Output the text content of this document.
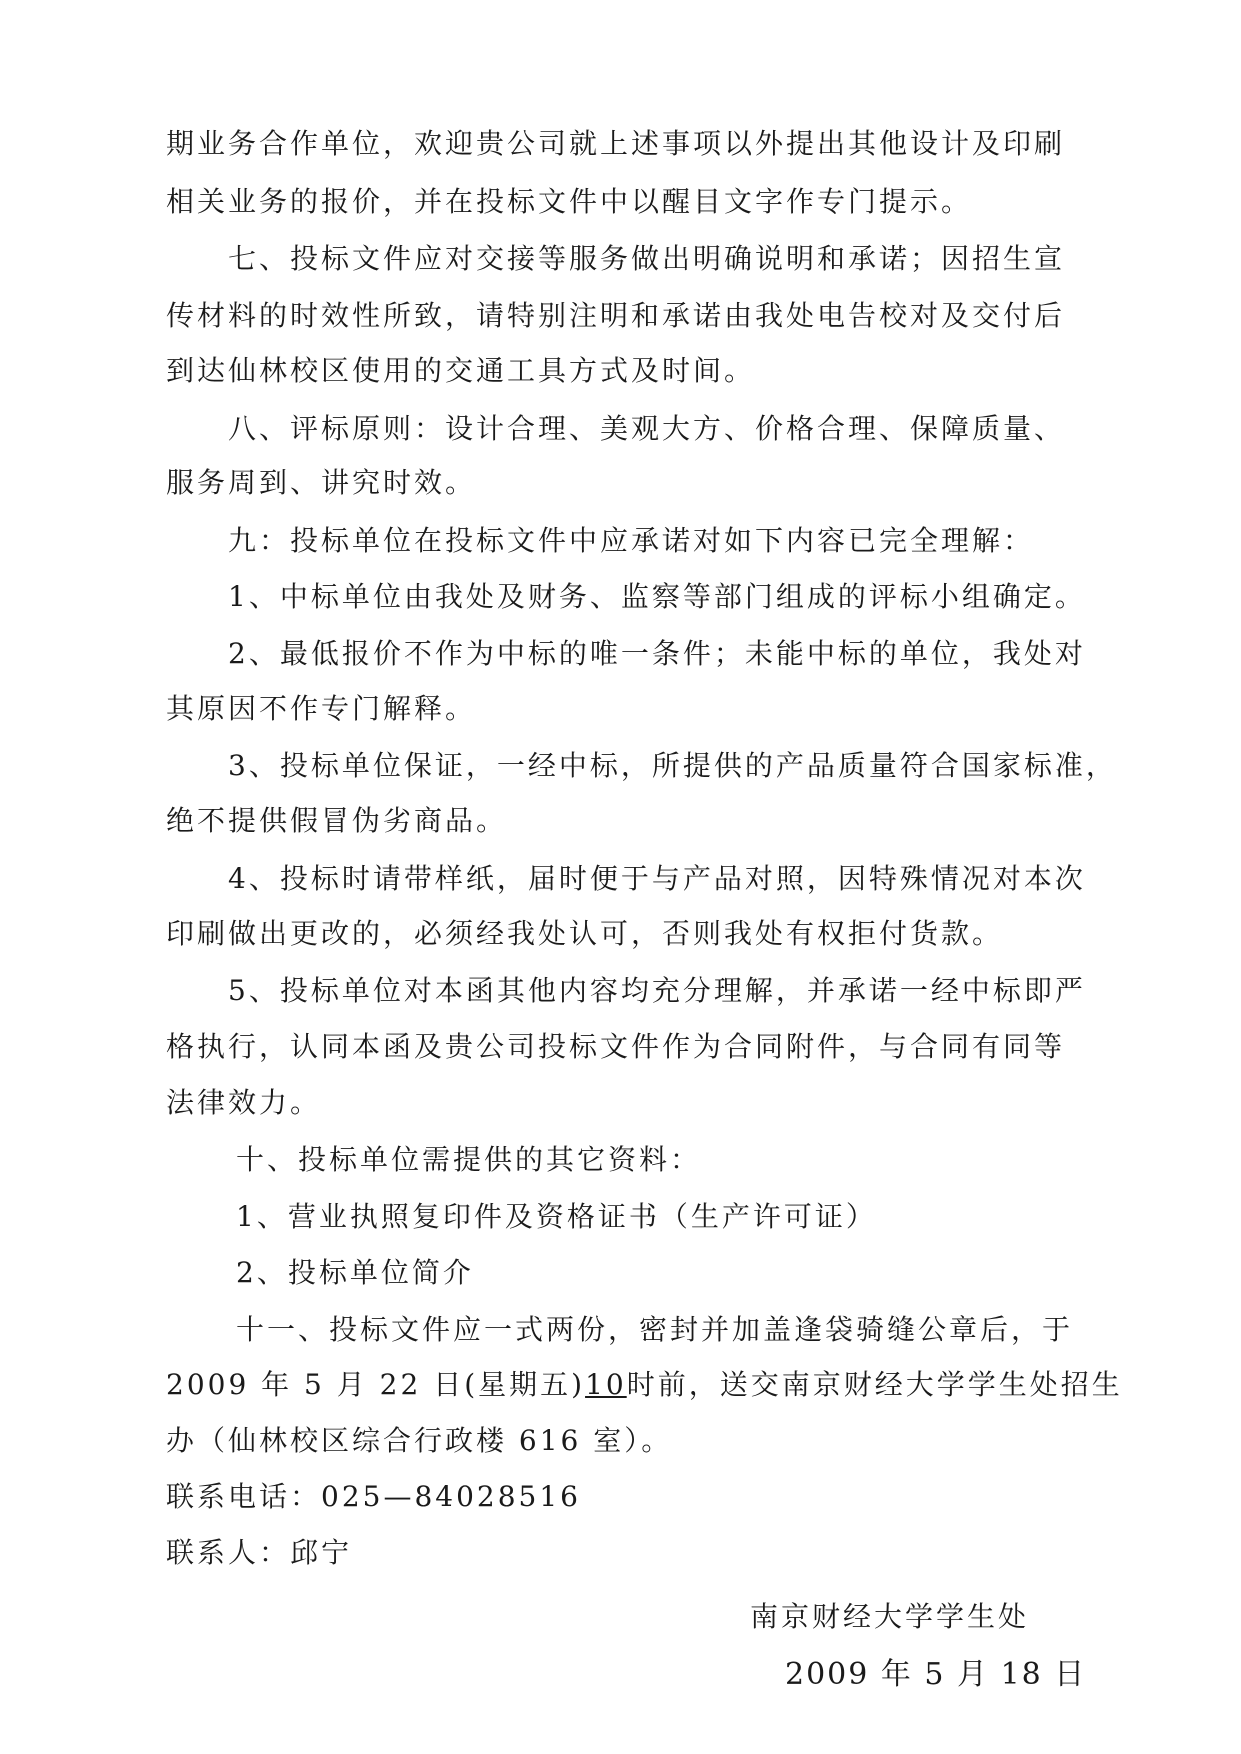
期业务合作单位，欢迎贵公司就上述事项以外提出其他设计及印刷
相关业务的报价，并在投标文件中以醒目文字作专门提示。
七、投标文件应对交接等服务做出明确说明和承诺；因招生宣
传材料的时效性所致，请特别注明和承诺由我处电告校对及交付后
到达仙林校区使用的交通工具方式及时间。
八、评标原则：设计合理、美观大方、价格合理、保障质量、
服务周到、讲究时效。
九：投标单位在投标文件中应承诺对如下内容已完全理解：
1、中标单位由我处及财务、监察等部门组成的评标小组确定。
2、最低报价不作为中标的唯一条件；未能中标的单位，我处对
其原因不作专门解释。
3、投标单位保证，一经中标，所提供的产品质量符合国家标准，
绝不提供假冒伪劣商品。
4、投标时请带样纸，届时便于与产品对照，因特殊情况对本次
印刷做出更改的，必须经我处认可，否则我处有权拒付货款。
5、投标单位对本函其他内容均充分理解，并承诺一经中标即严
格执行，认同本函及贵公司投标文件作为合同附件，与合同有同等
法律效力。
十、投标单位需提供的其它资料：
1、营业执照复印件及资格证书（生产许可证）
2、投标单位简介
十一、投标文件应一式两份，密封并加盖逢袋骑缝公章后，于
2009 年 5 月 22 日(星期五)10时前，送交南京财经大学学生处招生
办（仙林校区综合行政楼 616 室）。
联系电话：025—84028516
联系人：邱宁
南京财经大学学生处
2009 年 5 月 18 日
